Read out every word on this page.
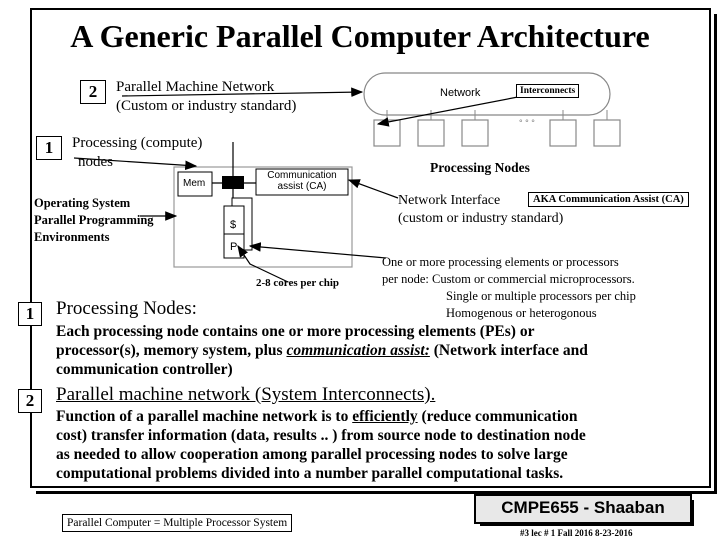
A Generic Parallel Computer Architecture
2	Parallel Machine Network
(Custom or industry standard)
1	Processing (compute)
nodes
Network	Interconnects
° ° °
Mem
Communication
assist (CA)
$
P
Processing Nodes
Operating System
Parallel Programming
Environments
Network Interface	AKA Communication Assist (CA)
(custom or industry standard)
2-8 cores per chip
One or more processing elements or processors
per node: Custom or commercial microprocessors.
Single or multiple processors per chip
Homogenous or heterogonous
1	Processing Nodes:
Each processing node contains one or more processing elements (PEs) or
processor(s), memory system, plus communication assist: (Network interface and
communication controller)
2	Parallel machine network (System Interconnects).
Function of a parallel machine network is to efficiently (reduce communication
cost) transfer information (data, results .. ) from source node to destination node
as needed to allow cooperation among parallel processing nodes to solve large
computational problems divided into a number parallel computational tasks.
Parallel Computer = Multiple Processor System
CMPE655 - Shaaban
#3 lec # 1 Fall 2016 8-23-2016
